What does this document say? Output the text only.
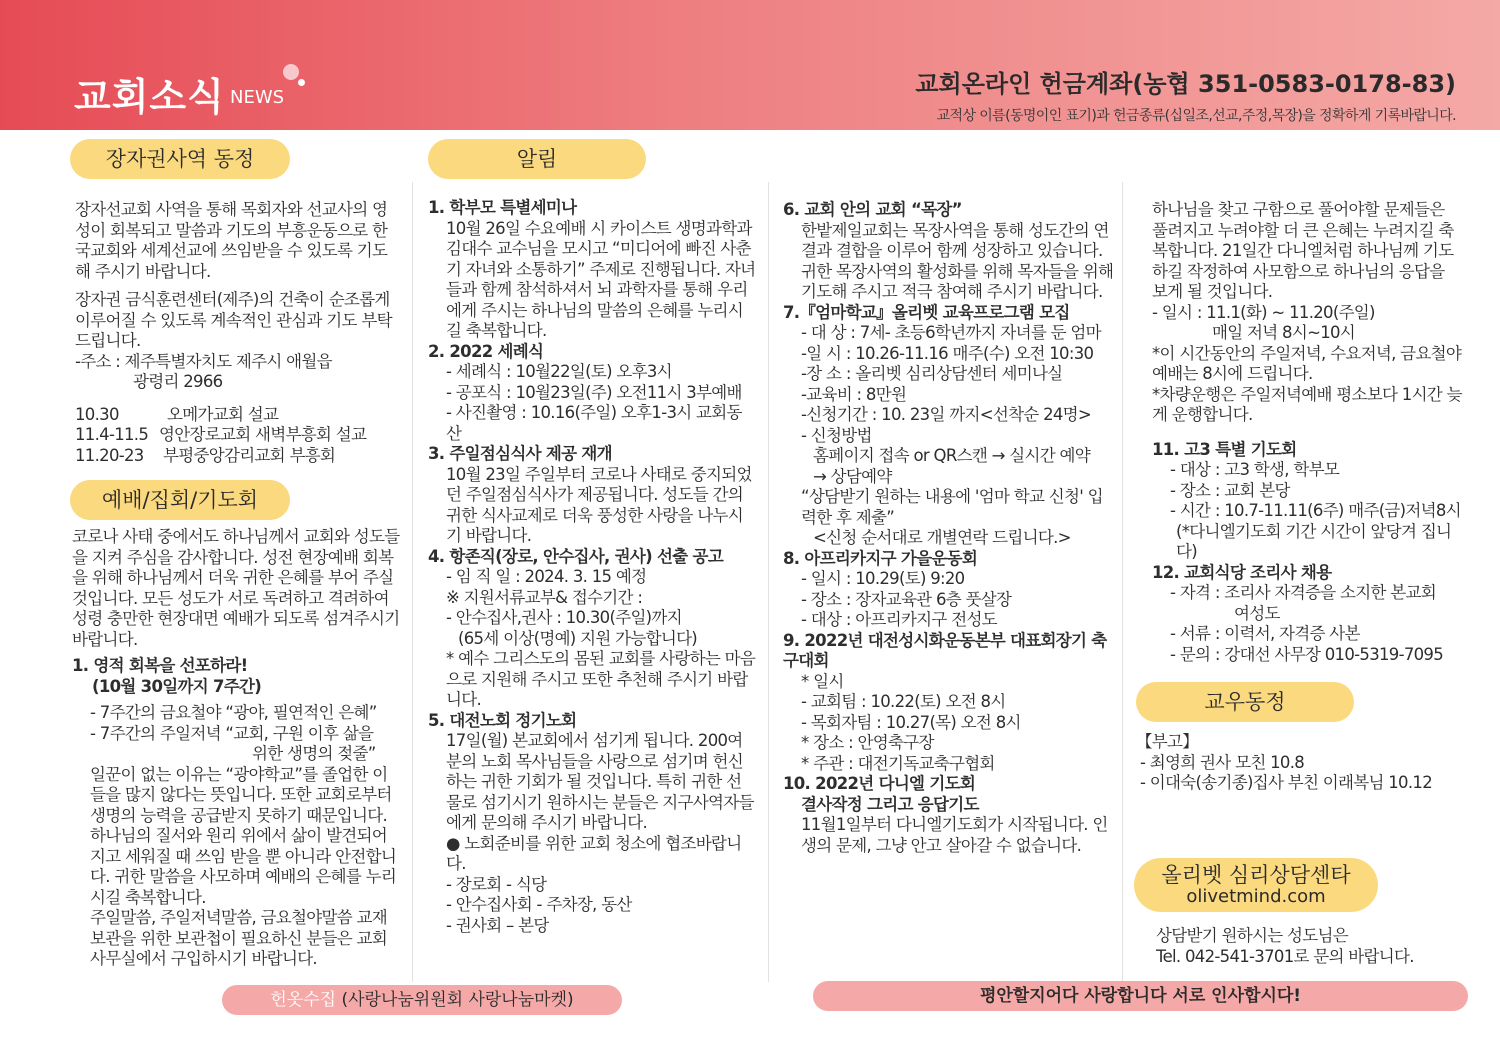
교회소식 NEWS	교회온라인 헌금계좌(농협 351-0583-0178-83)
교적상 이름(동명이인 표기)과 헌금종류(십일조,선교,주정,목장)을 정확하게 기록바랍니다.
장자권사역 동정	알림
예배/집회/기도회
교우동정
올리벳 심리상담센타
olivetmind.com

장자선교회 사역을 통해 목회자와 선교사의 영성이 회복되고 말씀과 기도의 부흥운동으로 한국교회와 세계선교에 쓰임받을 수 있도록 기도해 주시기 바랍니다.

장자권 금식훈련센터(제주)의 건축이 순조롭게 이루어질 수 있도록 계속적인 관심과 기도 부탁드립니다.

-주소 : 제주특별자치도 제주시 애월읍

광령리 2966

10.30	오메가교회 설교

11.4-11.5 영안장로교회 새벽부흥회 설교

11.20-23 부평중앙감리교회 부흥회

코로나 사태 중에서도 하나님께서 교회와 성도들을 지켜 주심을 감사합니다. 성전 현장예배 회복을 위해 하나님께서 더욱 귀한 은혜를 부어 주실 것입니다. 모든 성도가 서로 독려하고 격려하여 성령 충만한 현장대면 예배가 되도록 섬겨주시기 바랍니다.

1. 영적 회복을 선포하라!

(10월 30일까지 7주간)

- 7주간의 금요철야 “광야, 필연적인 은혜”

- 7주간의 주일저녁 “교회, 구원 이후 삶을

위한 생명의 젖줄”

일꾼이 없는 이유는 “광야학교”를 졸업한 이들을 많지 않다는 뜻입니다. 또한 교회로부터 생명의 능력을 공급받지 못하기 때문입니다. 하나님의 질서와 원리 위에서 삶이 발견되어지고 세워질 때 쓰임 받을 뿐 아니라 안전합니다. 귀한 말씀을 사모하며 예배의 은혜를 누리시길 축복합니다.

주일말씀, 주일저녁말씀, 금요철야말씀 교재 보관을 위한 보관첩이 필요하신 분들은 교회 사무실에서 구입하시기 바랍니다.

1. 학부모 특별세미나

10월 26일 수요예배 시 카이스트 생명과학과 김대수 교수님을 모시고 “미디어에 빠진 사춘기 자녀와 소통하기” 주제로 진행됩니다. 자녀들과 함께 참석하셔서 뇌 과학자를 통해 우리에게 주시는 하나님의 말씀의 은혜를 누리시길 축복합니다.

2. 2022 세례식

- 세례식 : 10월22일(토) 오후3시

- 공포식 : 10월23일(주) 오전11시 3부예배

- 사진촬영 : 10.16(주일) 오후1-3시 교회동산

3. 주일점심식사 제공 재개

10월 23일 주일부터 코로나 사태로 중지되었던 주일점심식사가 제공됩니다. 성도들 간의 귀한 식사교제로 더욱 풍성한 사랑을 나누시기 바랍니다.

4. 항존직(장로, 안수집사, 권사) 선출 공고

- 임 직 일 : 2024. 3. 15 예정

※ 지원서류교부& 접수기간 :

- 안수집사,권사 : 10.30(주일)까지

(65세 이상(명예) 지원 가능합니다)

* 예수 그리스도의 몸된 교회를 사랑하는 마음으로 지원해 주시고 또한 추천해 주시기 바랍니다.

5. 대전노회 정기노회

17일(월) 본교회에서 섬기게 됩니다. 200여 분의 노회 목사님들을 사랑으로 섬기며 헌신하는 귀한 기회가 될 것입니다. 특히 귀한 선물로 섬기시기 원하시는 분들은 지구사역자들에게 문의해 주시기 바랍니다.

● 노회준비를 위한 교회 청소에 협조바랍니다.

- 장로회 - 식당

- 안수집사회 - 주차장, 동산

- 권사회 – 본당

6. 교회 안의 교회 “목장”

한밭제일교회는 목장사역을 통해 성도간의 연결과 결합을 이루어 함께 성장하고 있습니다. 귀한 목장사역의 활성화를 위해 목자들을 위해 기도해 주시고 적극 참여해 주시기 바랍니다.

7.『엄마학교』올리벳 교육프로그램 모집

- 대 상 : 7세- 초등6학년까지 자녀를 둔 엄마

-일 시 : 10.26-11.16 매주(수) 오전 10:30

-장 소 : 올리벳 심리상담센터 세미나실

-교육비 : 8만원

-신청기간 : 10. 23일 까지<선착순 24명>

- 신청방법

홈페이지 접속 or QR스캔 → 실시간 예약

→ 상담예약

“상담받기 원하는 내용에 '엄마 학교 신청' 입력한 후 제출”

<신청 순서대로 개별연락 드립니다.>

8. 아프리카지구 가을운동회

- 일시 : 10.29(토) 9:20

- 장소 : 장자교육관 6층 풋살장

- 대상 : 아프리카지구 전성도

9. 2022년 대전성시화운동본부 대표회장기 축구대회

* 일시

- 교회팀 : 10.22(토) 오전 8시

- 목회자팀 : 10.27(목) 오전 8시

* 장소 : 안영축구장

* 주관 : 대전기독교축구협회

10. 2022년 다니엘 기도회

결사작정 그리고 응답기도

11월1일부터 다니엘기도회가 시작됩니다. 인생의 문제, 그냥 안고 살아갈 수 없습니다.

하나님을 찾고 구함으로 풀어야할 문제들은 풀려지고 누려야할 더 큰 은혜는 누려지길 축복합니다. 21일간 다니엘처럼 하나님께 기도하길 작정하여 사모함으로 하나님의 응답을 보게 될 것입니다.

- 일시 : 11.1(화) ~ 11.20(주일)

매일 저녁 8시~10시

*이 시간동안의 주일저녁, 수요저녁, 금요철야예배는 8시에 드립니다.

*차량운행은 주일저녁예배 평소보다 1시간 늦게 운행합니다.

11. 고3 특별 기도회

- 대상 : 고3 학생, 학부모

- 장소 : 교회 본당

- 시간 : 10.7-11.11(6주) 매주(금)저녁8시

(*다니엘기도회 기간 시간이 앞당겨 집니다)

12. 교회식당 조리사 채용

- 자격 : 조리사 자격증을 소지한 본교회

여성도

- 서류 : 이력서, 자격증 사본

- 문의 : 강대선 사무장 010-5319-7095

【부고】

- 최영희 권사 모친 10.8

- 이대숙(송기종)집사 부친 이래복님 10.12

상담받기 원하시는 성도님은

Tel. 042-541-3701로 문의 바랍니다.

헌옷수집 (사랑나눔위원회 사랑나눔마켓)	평안할지어다 사랑합니다 서로 인사합시다!
